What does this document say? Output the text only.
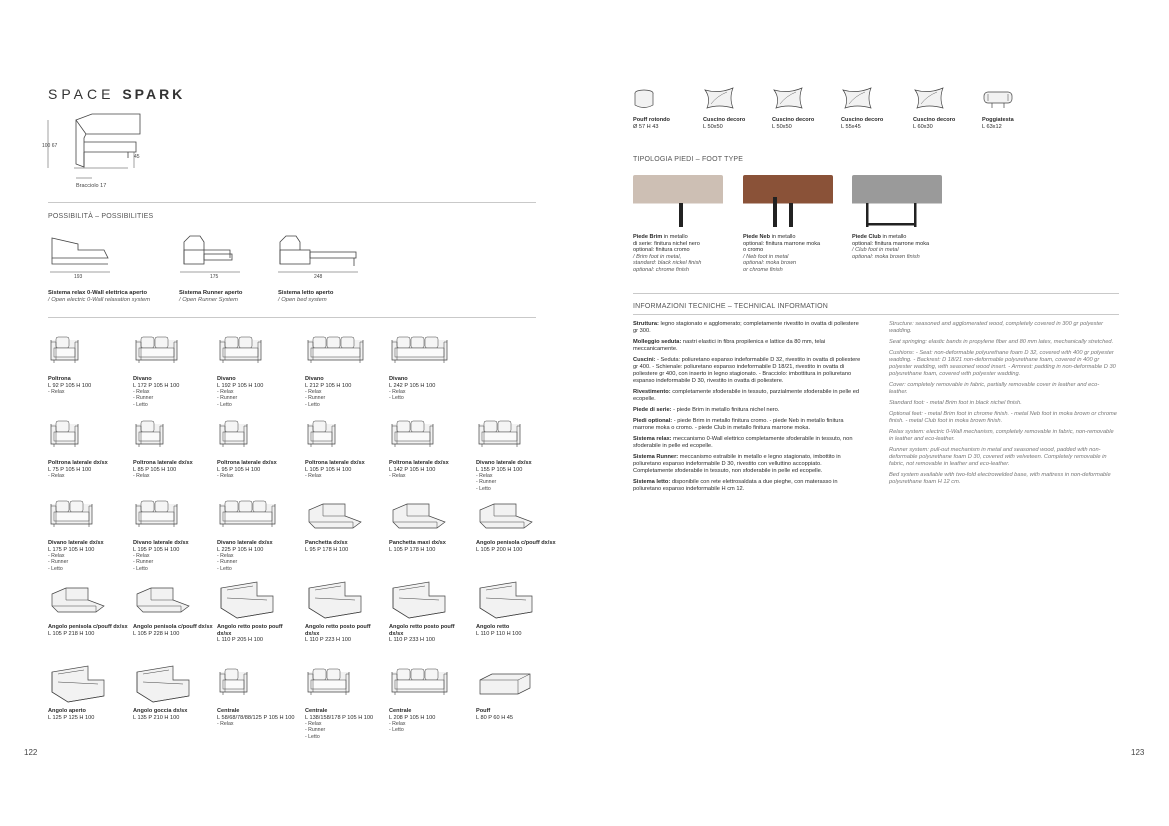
SPACE SPARK
100 67
45
Bracciolo 17
POSSIBILITÀ – POSSIBILITIES
193	175	248
Sistema relax 0-Wall elettrica aperto
/ Open electric 0-Wall relaxation system
Sistema Runner aperto
/ Open Runner System
Sistema letto aperto
/ Open bed system
Poltrona
L 92 P 105 H 100
- Relax
Divano
L 172 P 105 H 100
- Relax
- Runner
- Letto
Divano
L 192 P 105 H 100
- Relax
- Runner
- Letto
Divano
L 212 P 105 H 100
- Relax
- Runner
- Letto
Divano
L 242 P 105 H 100
- Relax
- Letto
Poltrona laterale dx/sx
L 75 P 105 H 100
- Relax
Poltrona laterale dx/sx
L 85 P 105 H 100
- Relax
Poltrona laterale dx/sx
L 95 P 105 H 100
- Relax
Poltrona laterale dx/sx
L 105 P 105 H 100
- Relax
Poltrona laterale dx/sx
L 142 P 105 H 100
- Relax
Divano laterale dx/sx
L 155 P 105 H 100
- Relax
- Runner
- Letto
Divano laterale dx/sx
L 175 P 105 H 100
- Relax
- Runner
- Letto
Divano laterale dx/sx
L 195 P 105 H 100
- Relax
- Runner
- Letto
Divano laterale dx/sx
L 225 P 105 H 100
- Relax
- Runner
- Letto
Panchetta dx/sx
L 95 P 178 H 100
Panchetta maxi dx/sx
L 105 P 178 H 100
Angolo penisola c/pouff dx/sx
L 105 P 200 H 100
Angolo penisola c/pouff dx/sx
L 105 P 218 H 100
Angolo penisola c/pouff dx/sx
L 105 P 228 H 100
Angolo retto posto pouff dx/sx
L 110 P 205 H 100
Angolo retto posto pouff dx/sx
L 110 P 223 H 100
Angolo retto posto pouff dx/sx
L 110 P 233 H 100
Angolo retto
L 110 P 110 H 100
Angolo aperto
L 125 P 125 H 100
Angolo goccia dx/sx
L 135 P 210 H 100
Centrale
L 58/68/78/88/125 P 105 H 100
- Relax
Centrale
L 138/158/178 P 105 H 100
- Relax
- Runner
- Letto
Centrale
L 208 P 105 H 100
- Relax
- Letto
Pouff
L 80 P 60 H 45
122
Pouff rotondo
Ø 57 H 43
Cuscino decoro
L 50x50
Cuscino decoro
L 50x50
Cuscino decoro
L 55x45
Cuscino decoro
L 60x30
Poggiatesta
L 63x12
TIPOLOGIA PIEDI – FOOT TYPE
Piede Brim in metallo
di serie: finitura nichel nero
optional: finitura cromo
/ Brim foot in metal,
standard: black nickel finish
optional: chrome finish
Piede Neb in metallo
optional: finitura marrone moka
o cromo
/ Neb foot in metal
optional: moka brown
or chrome finish
Piede Club in metallo
optional: finitura marrone moka
/ Club foot in metal
optional: moka brown finish
INFORMAZIONI TECNICHE – TECHNICAL INFORMATION

Struttura: legno stagionato e agglomerato; completamente rivestito in ovatta di poliestere gr 300.

Molleggio seduta: nastri elastici in fibra propilenica e lattice da 80 mm, telai meccanicamente.

Cuscini: - Seduta: poliuretano espanso indeformabile D 32, rivestito in ovatta di poliestere gr 400. - Schienale: poliuretano espanso indeformabile D 18/21, rivestito in ovatta di poliestere gr 400, con inserto in legno stagionato. - Bracciolo: imbottitura in poliuretano espanso indeformabile D 30, rivestito in ovatta di poliestere.

Rivestimento: completamente sfoderabile in tessuto, parzialmente sfoderabile in pelle ed ecopelle.

Piede di serie: - piede Brim in metallo finitura nichel nero.

Piedi optional: - piede Brim in metallo finitura cromo. - piede Neb in metallo finitura marrone moka o cromo. - piede Club in metallo finitura marrone moka.

Sistema relax: meccanismo 0-Wall elettrico completamente sfoderabile in tessuto, non sfoderabile in pelle ed ecopelle.

Sistema Runner: meccanismo estraibile in metallo e legno stagionato, imbottito in poliuretano espanso indeformabile D 30, rivestito con velluttino accoppiato. Completamente sfoderabile in tessuto, non sfoderabile in pelle ed ecopelle.

Sistema letto: disponibile con rete elettrosaldata a due pieghe, con materasso in poliuretano espanso indeformabile H cm 12.

Structure: seasoned and agglomerated wood, completely covered in 300 gr polyester wadding.

Seat springing: elastic bands in propylene fiber and 80 mm latex, mechanically stretched.

Cushions: - Seat: non-deformable polyurethane foam D 32, covered with 400 gr polyester wadding. - Backrest: D 18/21 non-deformable polyurethane foam, covered in 400 gr polyester wadding, with seasoned wood insert. - Armrest: padding in non-deformable D 30 polyurethane foam, covered with polyester wadding.

Cover: completely removable in fabric, partially removable cover in leather and eco-leather.

Standard foot: - metal Brim foot in black nichel finish.

Optional feet: - metal Brim foot in chrome finish. - metal Neb foot in moka brown or chrome finish. - metal Club foot in moka brown finish.

Relax system: electric 0-Wall mechanism, completely removable in fabric, non-removable in leather and eco-leather.

Runner system: pull-out mechanism in metal and seasoned wood, padded with non-deformable polyurethane foam D 30, covered with velveteen. Completely removable in fabric, not removable in leather and eco-leather.

Bed system available with two-fold electrowelded base, with mattress in non-deformable polyurethane foam H 12 cm.

123
